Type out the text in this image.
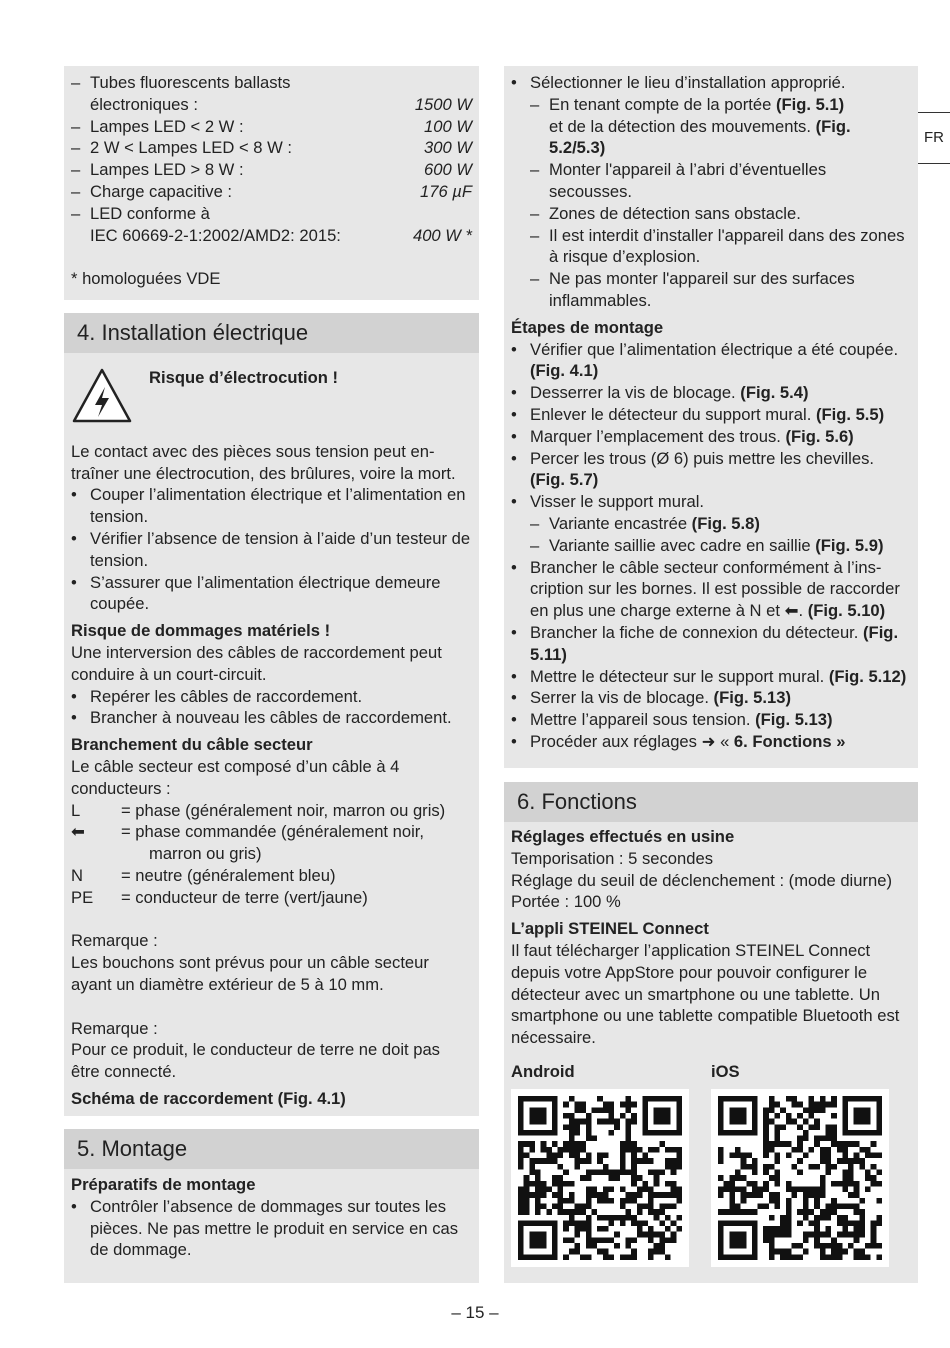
FR
– Tubes fluorescents ballasts
électroniques :	1500 W
– Lampes LED < 2 W :	100 W
– 2 W < Lampes LED < 8 W :	300 W
– Lampes LED > 8 W :	600 W
– Charge capacitive :	176 µF
– LED conforme à
IEC 60669-2-1:2002/AMD2: 2015:	400 W *
* homologuées VDE
4. Installation électrique
Risque d’électrocution !
Le contact avec des pièces sous tension peut entraîner une électrocution, des brûlures, voire la mort.
• Couper l’alimentation électrique et l’alimentation en tension.
• Vérifier l’absence de tension à l’aide d’un testeur de tension.
• S’assurer que l’alimentation électrique demeure coupée.
Risque de dommages matériels !
Une interversion des câbles de raccordement peut conduire à un court-circuit.
• Repérer les câbles de raccordement.
• Brancher à nouveau les câbles de raccordement.
Branchement du câble secteur
Le câble secteur est composé d’un câble à 4 conducteurs :
L	= phase (généralement noir, marron ou gris)
⬅	= phase commandée (généralement noir, marron ou gris)
N	= neutre (généralement bleu)
PE	= conducteur de terre (vert/jaune)
Remarque :
Les bouchons sont prévus pour un câble secteur ayant un diamètre extérieur de 5 à 10 mm.
Remarque :
Pour ce produit, le conducteur de terre ne doit pas être connecté.
Schéma de raccordement (Fig. 4.1)
5. Montage
Préparatifs de montage
• Contrôler l’absence de dommages sur toutes les pièces. Ne pas mettre le produit en service en cas de dommage.
• Sélectionner le lieu d’installation approprié.
– En tenant compte de la portée (Fig. 5.1)
et de la détection des mouvements. (Fig. 5.2/5.3)
– Monter l'appareil à l’abri d’éventuelles secousses.
– Zones de détection sans obstacle.
– Il est interdit d’installer l'appareil dans des zones à risque d’explosion.
– Ne pas monter l'appareil sur des surfaces inflammables.
Étapes de montage
• Vérifier que l’alimentation électrique a été coupée. (Fig. 4.1)
• Desserrer la vis de blocage. (Fig. 5.4)
• Enlever le détecteur du support mural. (Fig. 5.5)
• Marquer l’emplacement des trous. (Fig. 5.6)
• Percer les trous (Ø 6) puis mettre les chevilles. (Fig. 5.7)
• Visser le support mural.
– Variante encastrée (Fig. 5.8)
– Variante saillie avec cadre en saillie (Fig. 5.9)
• Brancher le câble secteur conformément à l’inscription sur les bornes. Il est possible de raccorder en plus une charge externe à N et ⬅. (Fig. 5.10)
• Brancher la fiche de connexion du détecteur. (Fig. 5.11)
• Mettre le détecteur sur le support mural. (Fig. 5.12)
• Serrer la vis de blocage. (Fig. 5.13)
• Mettre l’appareil sous tension. (Fig. 5.13)
• Procéder aux réglages ➜ « 6. Fonctions »
6. Fonctions
Réglages effectués en usine
Temporisation : 5 secondes
Réglage du seuil de déclenchement : (mode diurne)
Portée : 100 %
L’appli STEINEL Connect
Il faut télécharger l’application STEINEL Connect depuis votre AppStore pour pouvoir configurer le détecteur avec un smartphone ou une tablette. Un smartphone ou une tablette compatible Bluetooth est nécessaire.
Android	iOS
– 15 –
